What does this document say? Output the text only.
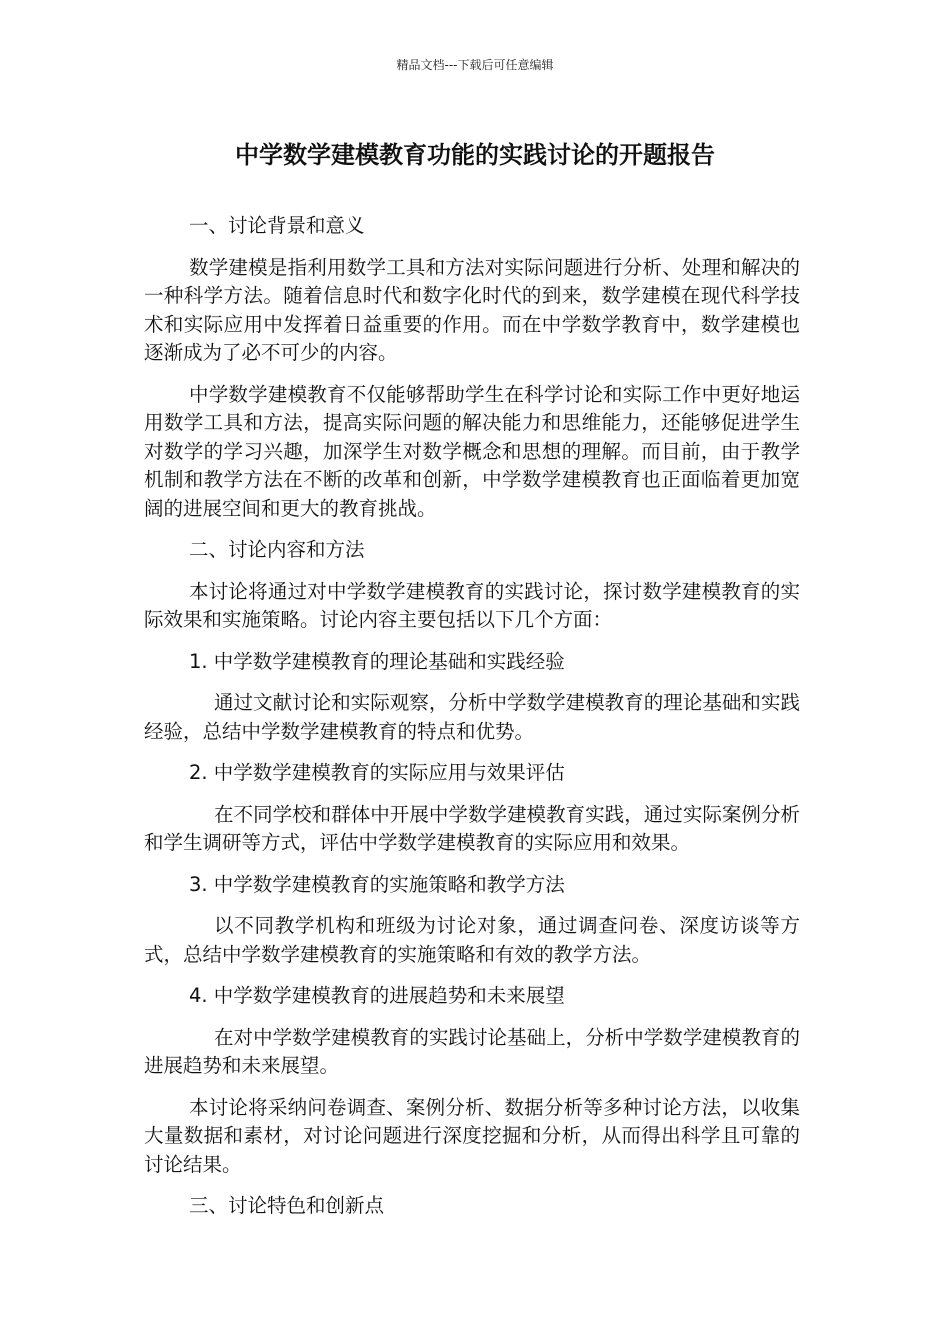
精品文档---下载后可任意编辑
中学数学建模教育功能的实践讨论的开题报告

一、讨论背景和意义

数学建模是指利用数学工具和方法对实际问题进行分析、处理和解决的一种科学方法。随着信息时代和数字化时代的到来，数学建模在现代科学技术和实际应用中发挥着日益重要的作用。而在中学数学教育中，数学建模也逐渐成为了必不可少的内容。

中学数学建模教育不仅能够帮助学生在科学讨论和实际工作中更好地运用数学工具和方法，提高实际问题的解决能力和思维能力，还能够促进学生对数学的学习兴趣，加深学生对数学概念和思想的理解。而目前，由于教学机制和教学方法在不断的改革和创新，中学数学建模教育也正面临着更加宽阔的进展空间和更大的教育挑战。

二、讨论内容和方法

本讨论将通过对中学数学建模教育的实践讨论，探讨数学建模教育的实际效果和实施策略。讨论内容主要包括以下几个方面：

1. 中学数学建模教育的理论基础和实践经验

通过文献讨论和实际观察，分析中学数学建模教育的理论基础和实践经验，总结中学数学建模教育的特点和优势。

2. 中学数学建模教育的实际应用与效果评估

在不同学校和群体中开展中学数学建模教育实践，通过实际案例分析和学生调研等方式，评估中学数学建模教育的实际应用和效果。

3. 中学数学建模教育的实施策略和教学方法

以不同教学机构和班级为讨论对象，通过调查问卷、深度访谈等方式，总结中学数学建模教育的实施策略和有效的教学方法。

4. 中学数学建模教育的进展趋势和未来展望

在对中学数学建模教育的实践讨论基础上，分析中学数学建模教育的进展趋势和未来展望。

本讨论将采纳问卷调查、案例分析、数据分析等多种讨论方法，以收集大量数据和素材，对讨论问题进行深度挖掘和分析，从而得出科学且可靠的讨论结果。

三、讨论特色和创新点
